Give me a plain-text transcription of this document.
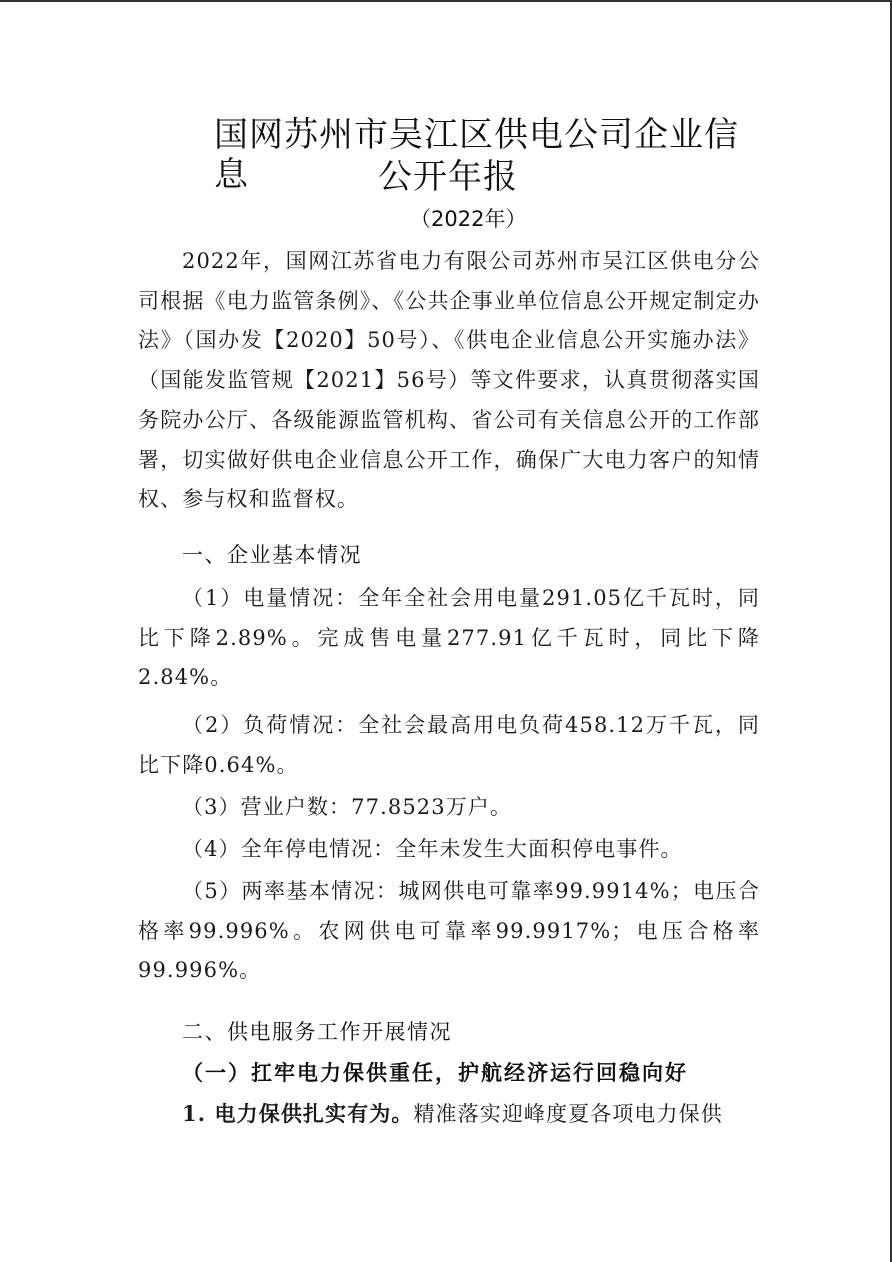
国网苏州市吴江区供电公司企业信息	公开年报
（2022年）

2022年，国网江苏省电力有限公司苏州市吴江区供电分公司根据《电力监管条例》、《公共企事业单位信息公开规定制定办法》（国办发【2020】50号）、《供电企业信息公开实施办法》（国能发监管规【2021】56号）等文件要求，认真贯彻落实国务院办公厅、各级能源监管机构、省公司有关信息公开的工作部署，切实做好供电企业信息公开工作，确保广大电力客户的知情权、参与权和监督权。

一、企业基本情况

（1）电量情况：全年全社会用电量291.05亿千瓦时，同比下降2.89%。完成售电量277.91亿千瓦时，同比下降2.84%。

（2）负荷情况：全社会最高用电负荷458.12万千瓦，同比下降0.64%。

（3）营业户数：77.8523万户。

（4）全年停电情况：全年未发生大面积停电事件。

（5）两率基本情况：城网供电可靠率99.9914%；电压合格率99.996%。农网供电可靠率99.9917%；电压合格率99.996%。

二、供电服务工作开展情况

（一）扛牢电力保供重任，护航经济运行回稳向好

1. 电力保供扎实有为。精准落实迎峰度夏各项电力保供
